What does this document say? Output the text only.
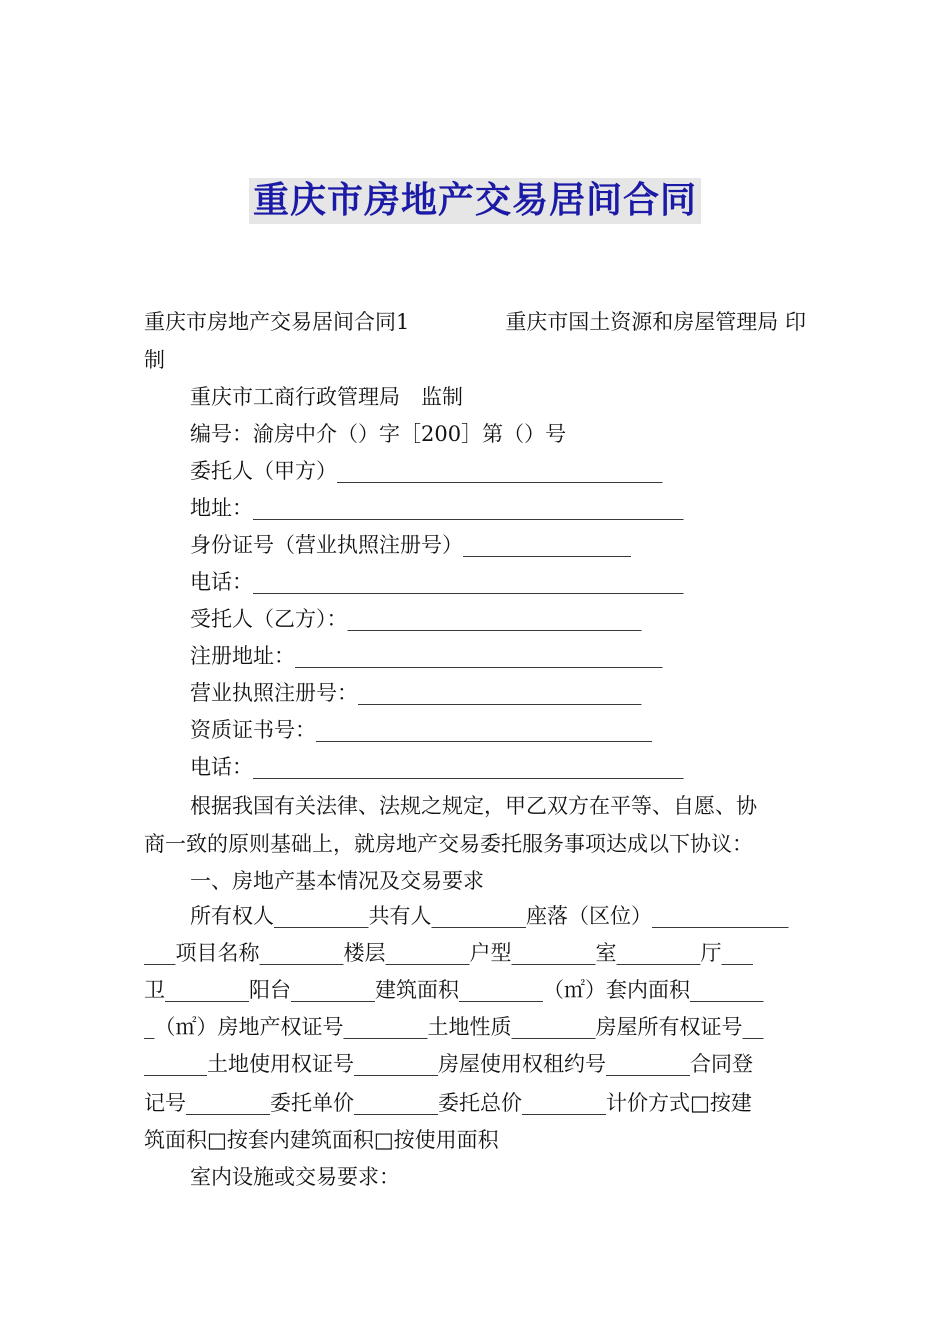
重庆市房地产交易居间合同
重庆市房地产交易居间合同1	重庆市国土资源和房屋管理局 印
制
重庆市工商行政管理局　监制
编号：渝房中介（）字［200］第（）号
委托人（甲方）_______________________________
地址：_________________________________________
身份证号（营业执照注册号）________________
电话：_________________________________________
受托人（乙方）：____________________________
注册地址：___________________________________
营业执照注册号：___________________________
资质证书号：________________________________
电话：_________________________________________
根据我国有关法律、法规之规定，甲乙双方在平等、自愿、协
商一致的原则基础上，就房地产交易委托服务事项达成以下协议：
一、房地产基本情况及交易要求
所有权人_________共有人_________座落（区位）_____________
___项目名称________楼层________户型________室________厅___
卫________阳台________建筑面积________（㎡）套内面积_______
_（㎡）房地产权证号________土地性质________房屋所有权证号__
______土地使用权证号________房屋使用权租约号________合同登
记号________委托单价________委托总价________计价方式□按建
筑面积□按套内建筑面积□按使用面积
室内设施或交易要求：
